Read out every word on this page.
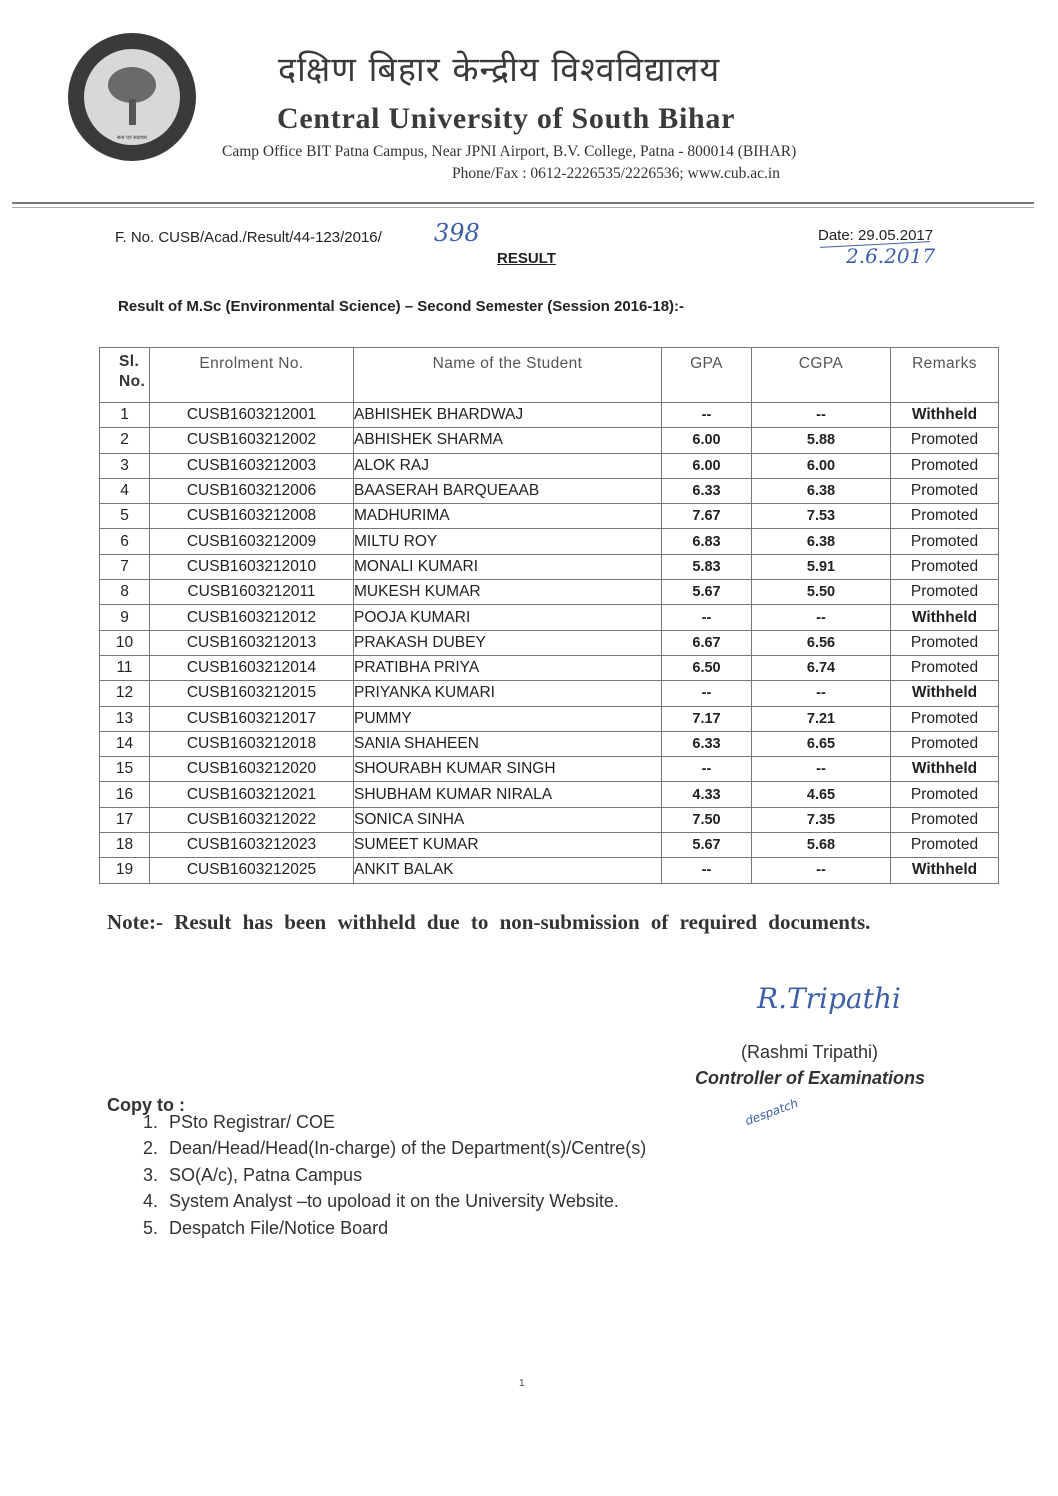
सत्य एवं सदाचार
दक्षिण बिहार केन्द्रीय विश्वविद्यालय
Central University of South Bihar
Camp Office BIT Patna Campus, Near JPNI Airport, B.V. College, Patna - 800014 (BIHAR)
Phone/Fax : 0612-2226535/2226536; www.cub.ac.in
F. No. CUSB/Acad./Result/44-123/2016/ 398
RESULT
Date: 29.05.2017
2.6.2017
Result of M.Sc (Environmental Science) – Second Semester (Session 2016-18):-
Sl.
No.	Enrolment No.	Name of the Student	GPA	CGPA	Remarks
1	CUSB1603212001	ABHISHEK BHARDWAJ	--	--	Withheld
2	CUSB1603212002	ABHISHEK SHARMA	6.00	5.88	Promoted
3	CUSB1603212003	ALOK RAJ	6.00	6.00	Promoted
4	CUSB1603212006	BAASERAH BARQUEAAB	6.33	6.38	Promoted
5	CUSB1603212008	MADHURIMA	7.67	7.53	Promoted
6	CUSB1603212009	MILTU ROY	6.83	6.38	Promoted
7	CUSB1603212010	MONALI KUMARI	5.83	5.91	Promoted
8	CUSB1603212011	MUKESH KUMAR	5.67	5.50	Promoted
9	CUSB1603212012	POOJA KUMARI	--	--	Withheld
10	CUSB1603212013	PRAKASH DUBEY	6.67	6.56	Promoted
11	CUSB1603212014	PRATIBHA PRIYA	6.50	6.74	Promoted
12	CUSB1603212015	PRIYANKA KUMARI	--	--	Withheld
13	CUSB1603212017	PUMMY	7.17	7.21	Promoted
14	CUSB1603212018	SANIA SHAHEEN	6.33	6.65	Promoted
15	CUSB1603212020	SHOURABH KUMAR SINGH	--	--	Withheld
16	CUSB1603212021	SHUBHAM KUMAR NIRALA	4.33	4.65	Promoted
17	CUSB1603212022	SONICA SINHA	7.50	7.35	Promoted
18	CUSB1603212023	SUMEET KUMAR	5.67	5.68	Promoted
19	CUSB1603212025	ANKIT BALAK	--	--	Withheld
Note:- Result has been withheld due to non-submission of required documents.
R.Tripathi
(Rashmi Tripathi)
Controller of Examinations
despatch
Copy to :
1. PSto Registrar/ COE
2. Dean/Head/Head(In-charge) of the Department(s)/Centre(s)
3. SO(A/c), Patna Campus
4. System Analyst –to upoload it on the University Website.
5. Despatch File/Notice Board
1
